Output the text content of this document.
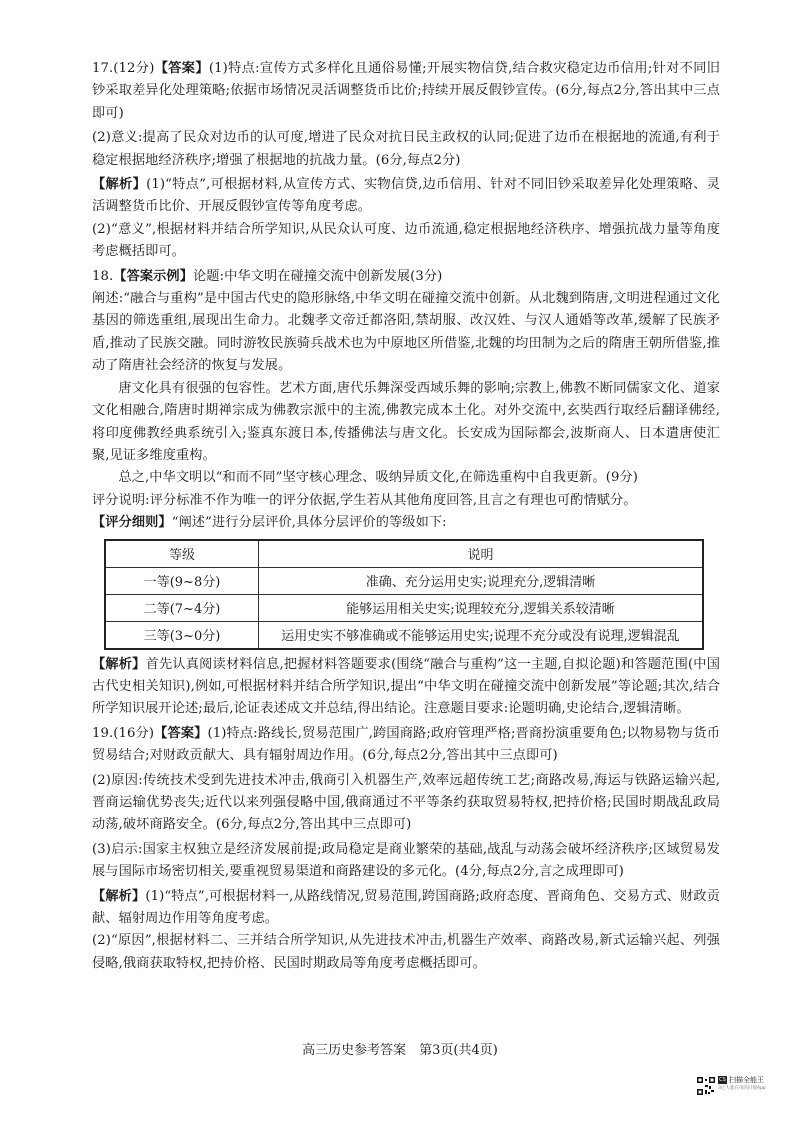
17.(12分)【答案】(1)特点:宣传方式多样化且通俗易懂;开展实物信贷,结合救灾稳定边币信用;针对不同旧钞采取差异化处理策略;依据市场情况灵活调整货币比价;持续开展反假钞宣传。(6分,每点2分,答出其中三点即可)

(2)意义:提高了民众对边币的认可度,增进了民众对抗日民主政权的认同;促进了边币在根据地的流通,有利于稳定根据地经济秩序;增强了根据地的抗战力量。(6分,每点2分)

【解析】(1)“特点”,可根据材料,从宣传方式、实物信贷,边币信用、针对不同旧钞采取差异化处理策略、灵活调整货币比价、开展反假钞宣传等角度考虑。

(2)“意义”,根据材料并结合所学知识,从民众认可度、边币流通,稳定根据地经济秩序、增强抗战力量等角度考虑概括即可。

18.【答案示例】论题:中华文明在碰撞交流中创新发展(3分)

阐述:“融合与重构”是中国古代史的隐形脉络,中华文明在碰撞交流中创新。从北魏到隋唐,文明进程通过文化基因的筛选重组,展现出生命力。北魏孝文帝迁都洛阳,禁胡服、改汉姓、与汉人通婚等改革,缓解了民族矛盾,推动了民族交融。同时游牧民族骑兵战术也为中原地区所借鉴,北魏的均田制为之后的隋唐王朝所借鉴,推动了隋唐社会经济的恢复与发展。

唐文化具有很强的包容性。艺术方面,唐代乐舞深受西域乐舞的影响;宗教上,佛教不断同儒家文化、道家文化相融合,隋唐时期禅宗成为佛教宗派中的主流,佛教完成本土化。对外交流中,玄奘西行取经后翻译佛经,将印度佛教经典系统引入;鉴真东渡日本,传播佛法与唐文化。长安成为国际都会,波斯商人、日本遣唐使汇聚,见证多维度重构。

总之,中华文明以“和而不同”坚守核心理念、吸纳异质文化,在筛选重构中自我更新。(9分)

评分说明:评分标准不作为唯一的评分依据,学生若从其他角度回答,且言之有理也可酌情赋分。

【评分细则】“阐述”进行分层评价,具体分层评价的等级如下:

等级	说明
一等(9~8分)	准确、充分运用史实;说理充分,逻辑清晰
二等(7~4分)	能够运用相关史实;说理较充分,逻辑关系较清晰
三等(3~0分)	运用史实不够准确或不能够运用史实;说理不充分或没有说理,逻辑混乱

【解析】首先认真阅读材料信息,把握材料答题要求(围绕“融合与重构”这一主题,自拟论题)和答题范围(中国古代史相关知识),例如,可根据材料并结合所学知识,提出“中华文明在碰撞交流中创新发展”等论题;其次,结合所学知识展开论述;最后,论证表述成文并总结,得出结论。注意题目要求:论题明确,史论结合,逻辑清晰。

19.(16分)【答案】(1)特点:路线长,贸易范围广,跨国商路;政府管理严格;晋商扮演重要角色;以物易物与货币贸易结合;对财政贡献大、具有辐射周边作用。(6分,每点2分,答出其中三点即可)

(2)原因:传统技术受到先进技术冲击,俄商引入机器生产,效率远超传统工艺;商路改易,海运与铁路运输兴起,晋商运输优势丧失;近代以来列强侵略中国,俄商通过不平等条约获取贸易特权,把持价格;民国时期战乱政局动荡,破坏商路安全。(6分,每点2分,答出其中三点即可)

(3)启示:国家主权独立是经济发展前提;政局稳定是商业繁荣的基础,战乱与动荡会破坏经济秩序;区域贸易发展与国际市场密切相关,要重视贸易渠道和商路建设的多元化。(4分,每点2分,言之成理即可)

【解析】(1)“特点”,可根据材料一,从路线情况,贸易范围,跨国商路;政府态度、晋商角色、交易方式、财政贡献、辐射周边作用等角度考虑。

(2)“原因”,根据材料二、三并结合所学知识,从先进技术冲击,机器生产效率、商路改易,新式运输兴起、列强侵略,俄商获取特权,把持价格、民国时期政局等角度考虑概括即可。

高三历史参考答案　第3页(共4页)
CS 扫描全能王
3亿人都在用的扫描App
